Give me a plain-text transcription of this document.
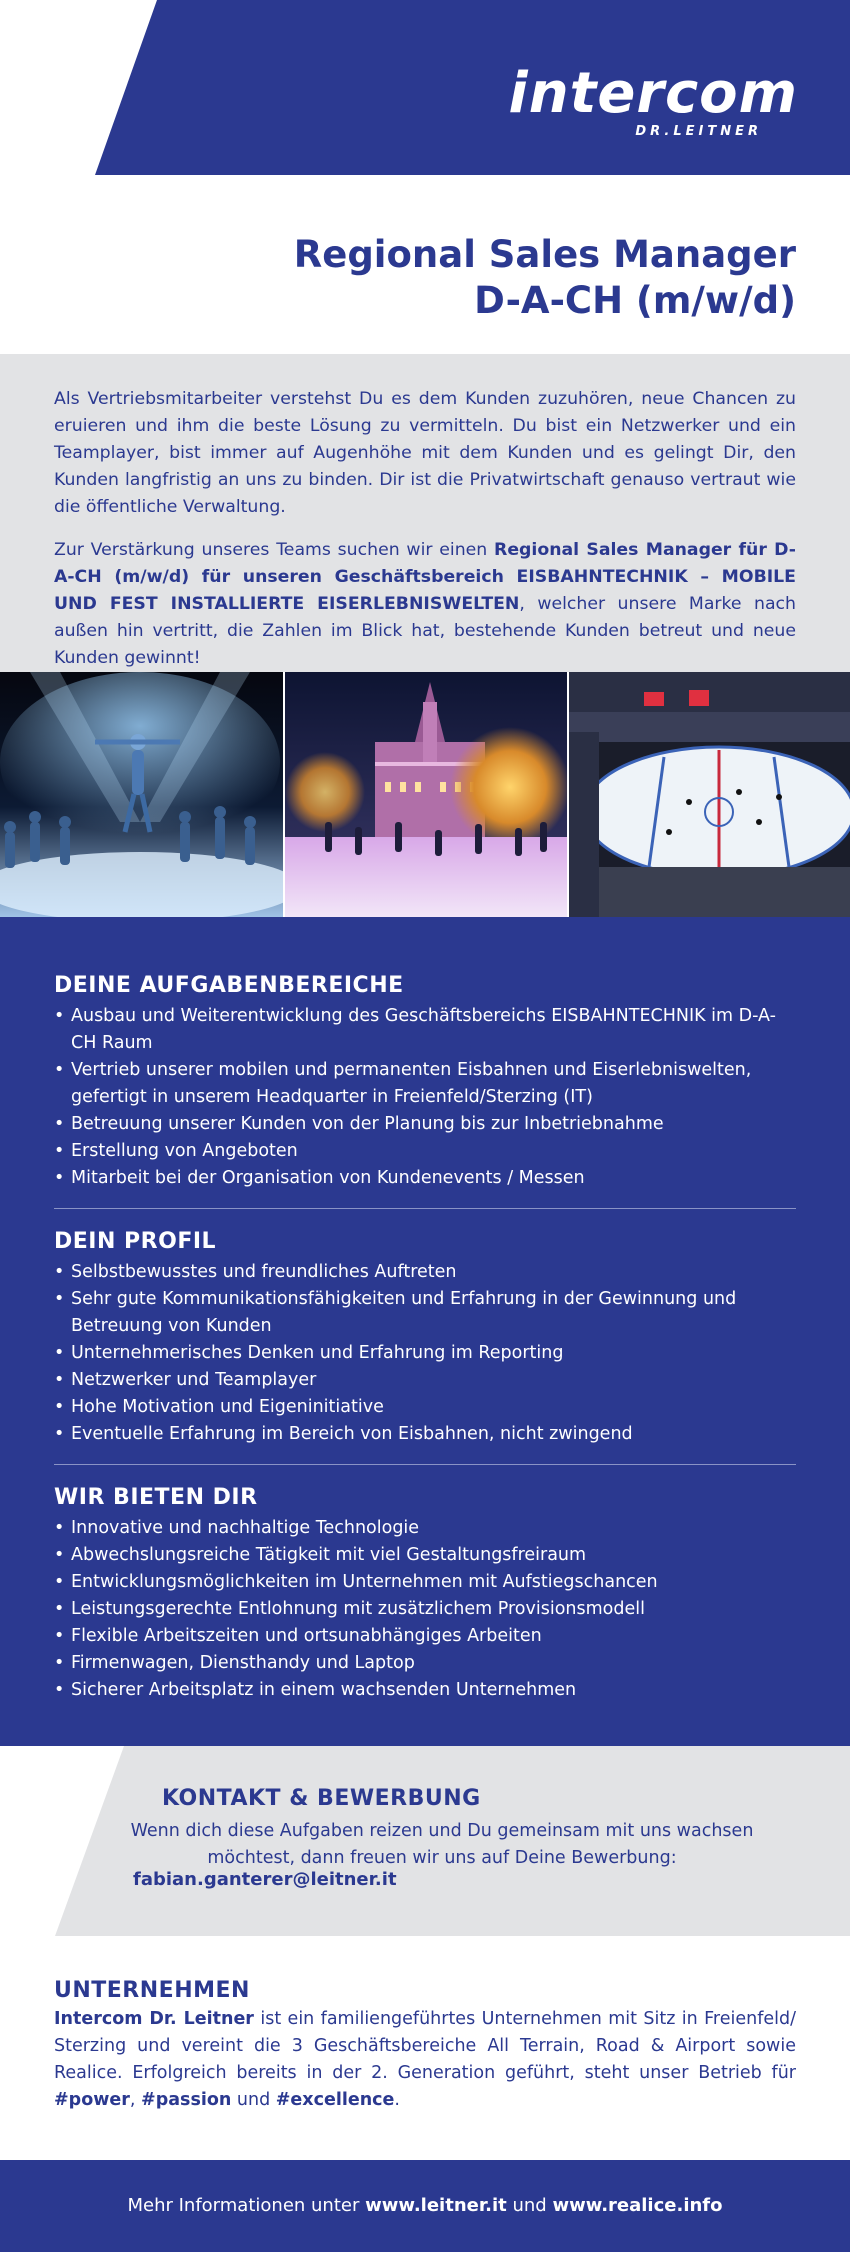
intercom
DR.LEITNER
Regional Sales Manager
D-A-CH (m/w/d)

Als Vertriebsmitarbeiter verstehst Du es dem Kunden zuzuhören, neue Chancen zu eruieren und ihm die beste Lösung zu vermitteln. Du bist ein Netzwerker und ein Teamplayer, bist immer auf Augenhöhe mit dem Kunden und es gelingt Dir, den Kunden langfristig an uns zu binden. Dir ist die Privatwirtschaft genauso vertraut wie die öffentliche Verwaltung.

Zur Verstärkung unseres Teams suchen wir einen Regional Sales Manager für D-A-CH (m/w/d) für unseren Geschäftsbereich EISBAHNTECHNIK – MOBILE UND FEST INSTALLIERTE EISERLEBNISWELTEN, welcher unsere Marke nach außen hin vertritt, die Zahlen im Blick hat, bestehende Kunden betreut und neue Kunden gewinnt!

DEINE AUFGABENBEREICHE
• Ausbau und Weiterentwicklung des Geschäftsbereichs EISBAHNTECHNIK im D-A-CH Raum
• Vertrieb unserer mobilen und permanenten Eisbahnen und Eiserlebniswelten, gefertigt in unserem Headquarter in Freienfeld/Sterzing (IT)
• Betreuung unserer Kunden von der Planung bis zur Inbetriebnahme
• Erstellung von Angeboten
• Mitarbeit bei der Organisation von Kundenevents / Messen
DEIN PROFIL
• Selbstbewusstes und freundliches Auftreten
• Sehr gute Kommunikationsfähigkeiten und Erfahrung in der Gewinnung und Betreuung von Kunden
• Unternehmerisches Denken und Erfahrung im Reporting
• Netzwerker und Teamplayer
• Hohe Motivation und Eigeninitiative
• Eventuelle Erfahrung im Bereich von Eisbahnen, nicht zwingend
WIR BIETEN DIR
• Innovative und nachhaltige Technologie
• Abwechslungsreiche Tätigkeit mit viel Gestaltungsfreiraum
• Entwicklungsmöglichkeiten im Unternehmen mit Aufstiegschancen
• Leistungsgerechte Entlohnung mit zusätzlichem Provisionsmodell
• Flexible Arbeitszeiten und ortsunabhängiges Arbeiten
• Firmenwagen, Diensthandy und Laptop
• Sicherer Arbeitsplatz in einem wachsenden Unternehmen
KONTAKT & BEWERBUNG
Wenn dich diese Aufgaben reizen und Du gemeinsam mit uns wachsen möchtest, dann freuen wir uns auf Deine Bewerbung:
fabian.ganterer@leitner.it
UNTERNEHMEN

Intercom Dr. Leitner ist ein familiengeführtes Unternehmen mit Sitz in Freienfeld/ Sterzing und vereint die 3 Geschäftsbereiche All Terrain, Road & Airport sowie Realice. Erfolgreich bereits in der 2. Generation geführt, steht unser Betrieb für #power, #passion und #excellence.

Mehr Informationen unter www.leitner.it und www.realice.info
